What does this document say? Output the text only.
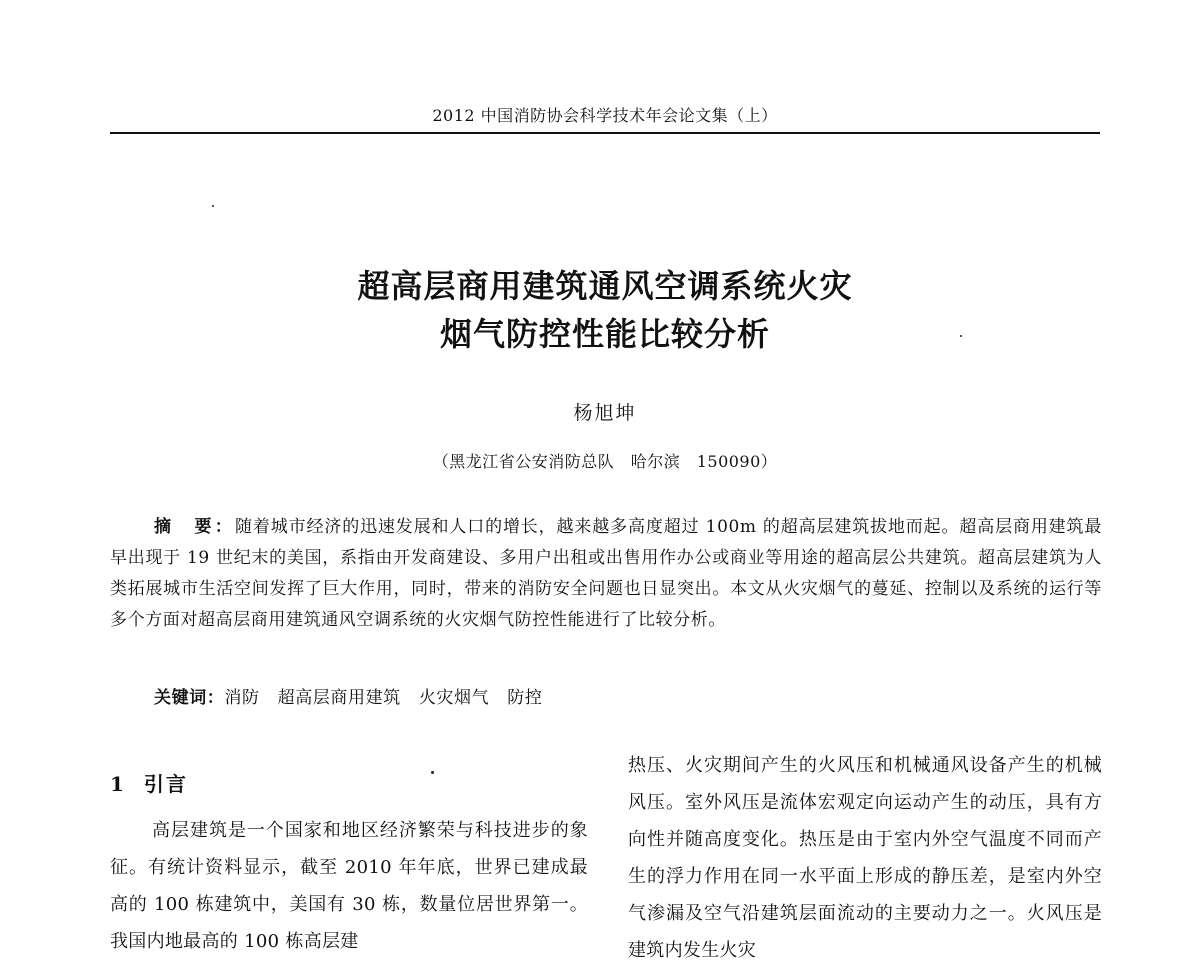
2012 中国消防协会科学技术年会论文集（上）
超高层商用建筑通风空调系统火灾
烟气防控性能比较分析
杨旭坤
（黑龙江省公安消防总队　哈尔滨　150090）
摘　要：随着城市经济的迅速发展和人口的增长，越来越多高度超过 100m 的超高层建筑拔地而起。超高层商用建筑最早出现于 19 世纪末的美国，系指由开发商建设、多用户出租或出售用作办公或商业等用途的超高层公共建筑。超高层建筑为人类拓展城市生活空间发挥了巨大作用，同时，带来的消防安全问题也日显突出。本文从火灾烟气的蔓延、控制以及系统的运行等多个方面对超高层商用建筑通风空调系统的火灾烟气防控性能进行了比较分析。
关键词：消防 超高层商用建筑 火灾烟气 防控
1 引言
高层建筑是一个国家和地区经济繁荣与科技进步的象征。有统计资料显示，截至 2010 年年底，世界已建成最高的 100 栋建筑中，美国有 30 栋，数量位居世界第一。我国内地最高的 100 栋高层建
热压、火灾期间产生的火风压和机械通风设备产生的机械风压。室外风压是流体宏观定向运动产生的动压，具有方向性并随高度变化。热压是由于室内外空气温度不同而产生的浮力作用在同一水平面上形成的静压差，是室内外空气渗漏及空气沿建筑层面流动的主要动力之一。火风压是建筑内发生火灾
